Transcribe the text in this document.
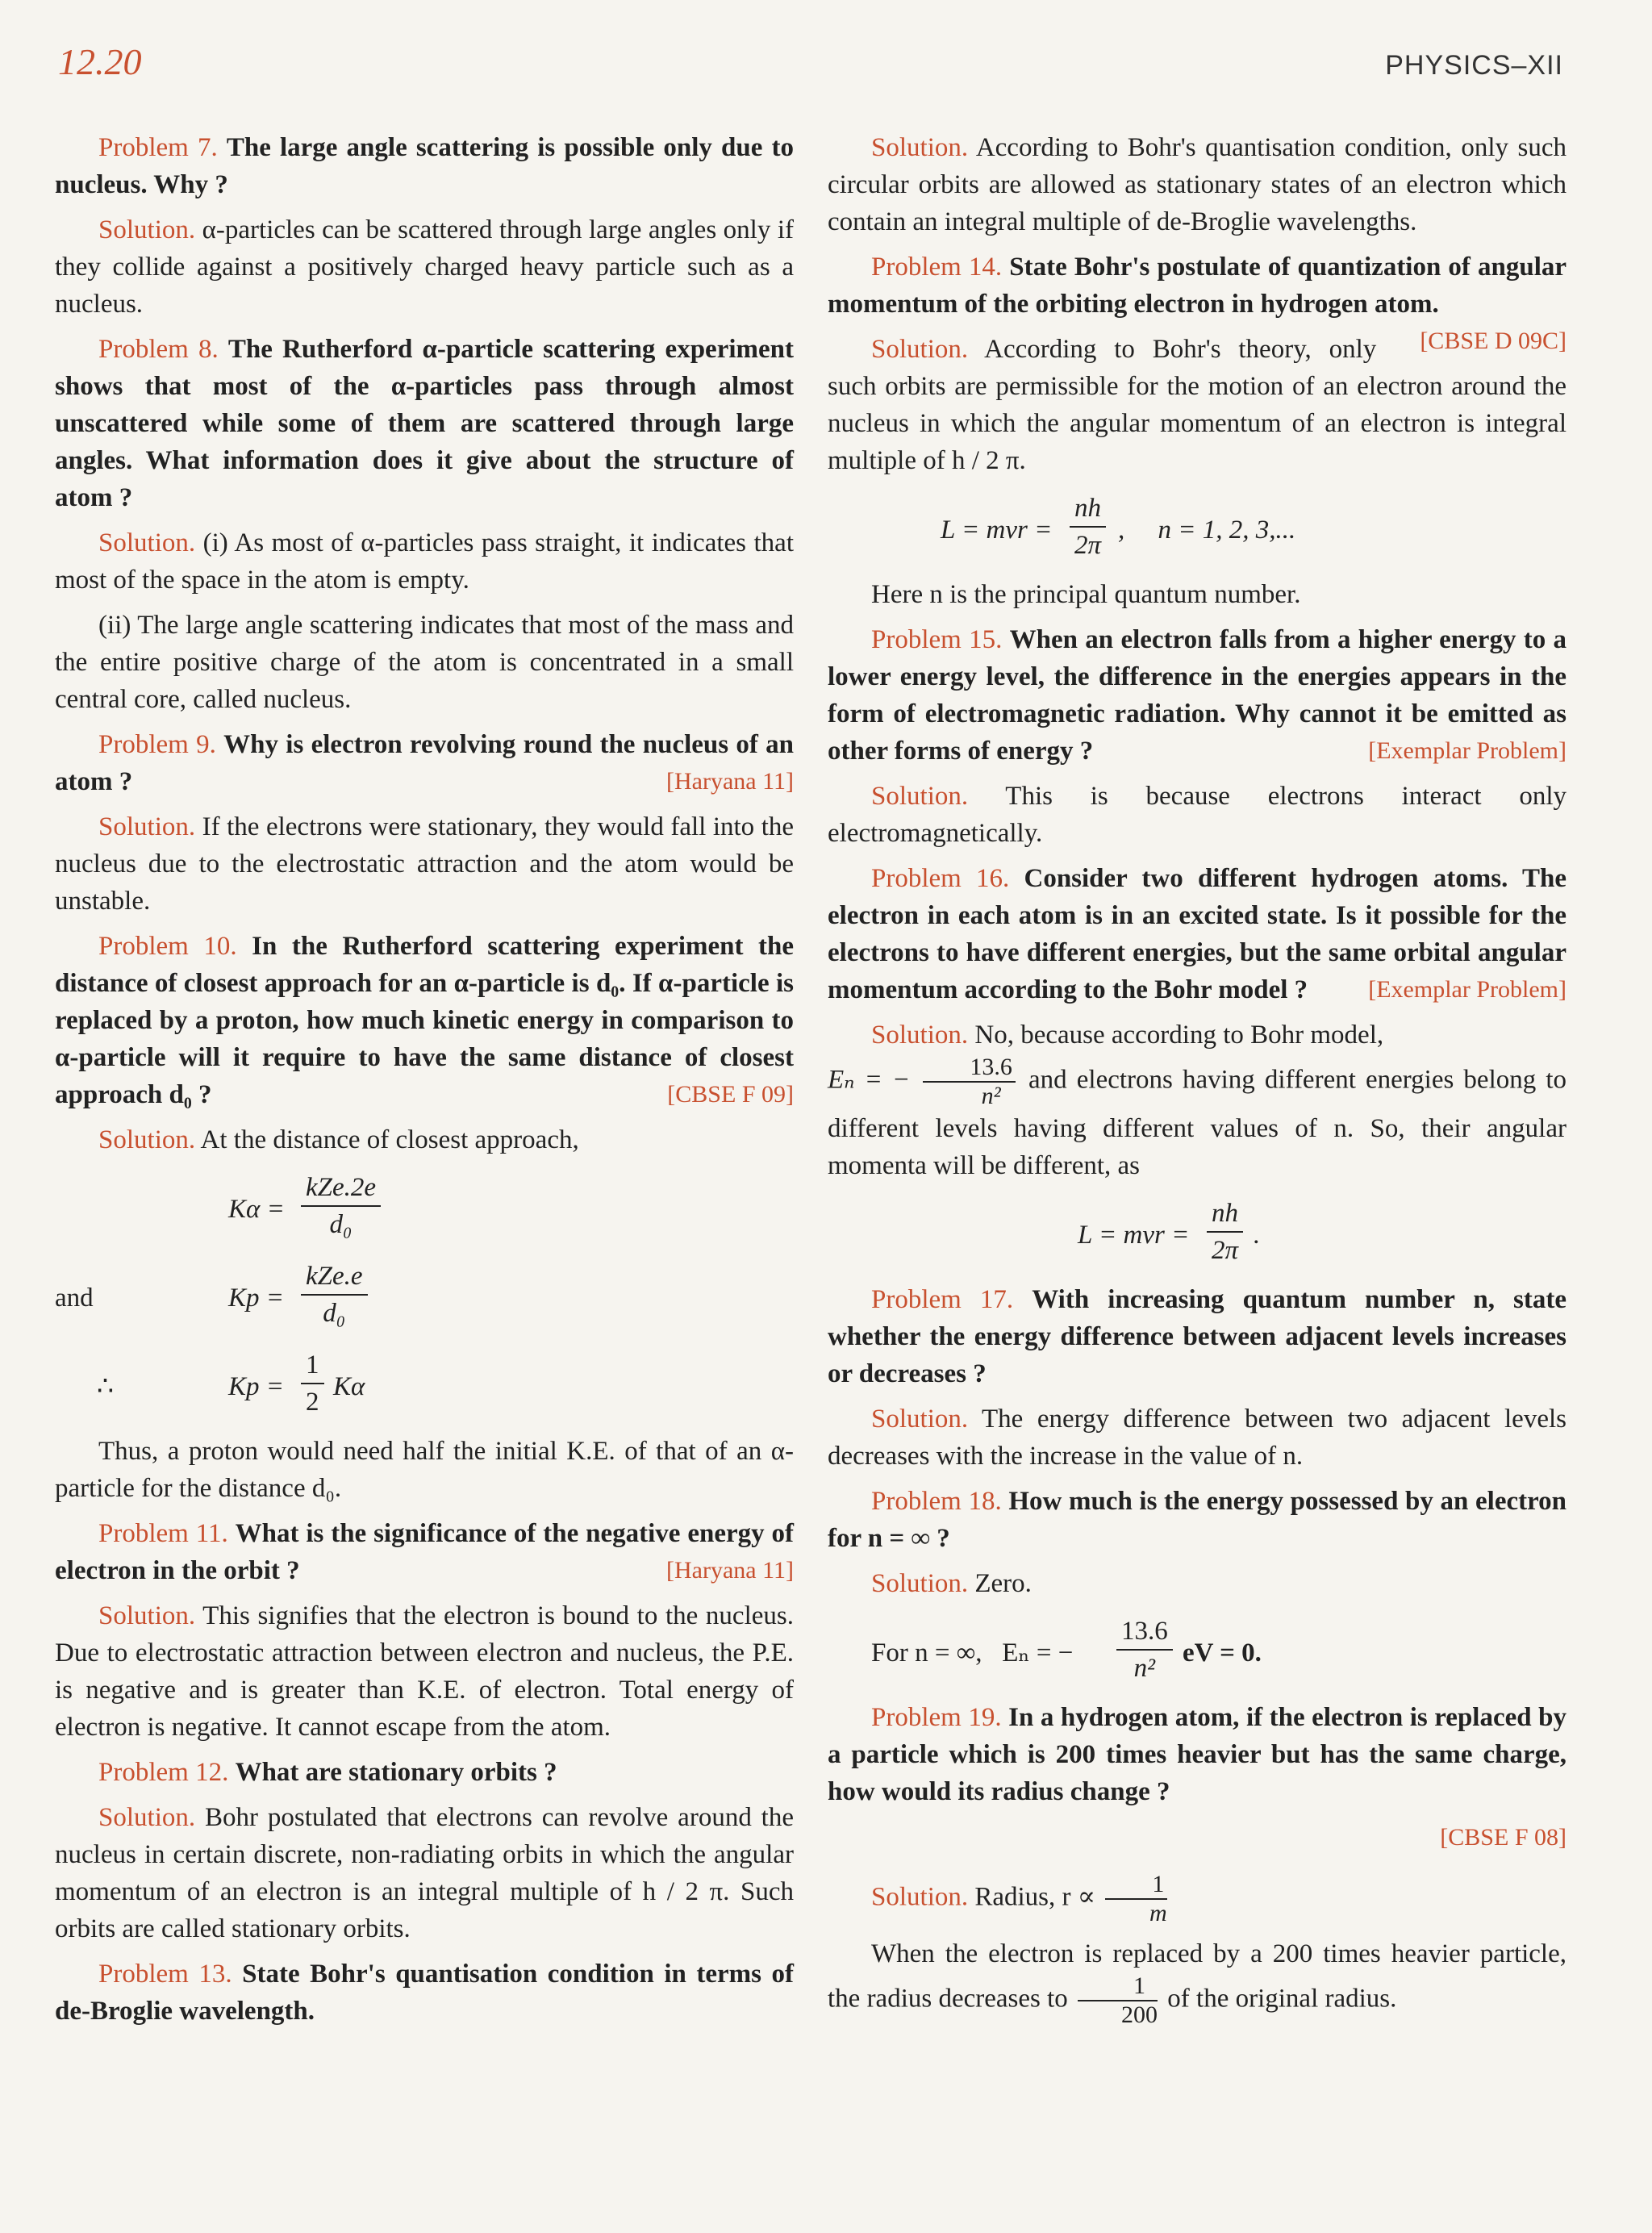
12.20	PHYSICS–XII

Problem 7. The large angle scattering is possible only due to nucleus. Why ?

Solution. α-particles can be scattered through large angles only if they collide against a positively charged heavy particle such as a nucleus.

Problem 8. The Rutherford α-particle scattering experiment shows that most of the α-particles pass through almost unscattered while some of them are scattered through large angles. What information does it give about the structure of atom ?

Solution. (i) As most of α-particles pass straight, it indicates that most of the space in the atom is empty.

(ii) The large angle scattering indicates that most of the mass and the entire positive charge of the atom is concentrated in a small central core, called nucleus.

Problem 9. Why is electron revolving round the nucleus of an atom ?	[Haryana 11]

Solution. If the electrons were stationary, they would fall into the nucleus due to the electrostatic attraction and the atom would be unstable.

Problem 10. In the Rutherford scattering experiment the distance of closest approach for an α-particle is d₀. If α-particle is replaced by a proton, how much kinetic energy in comparison to α-particle will it require to have the same distance of closest approach d₀ ?	[CBSE F 09]

Solution. At the distance of closest approach,

Kα =
kZe.2e
d₀
and	Kp =
kZe.e
d₀
∴	$Kp = \frac{1}{2}$ Kα

Thus, a proton would need half the initial K.E. of that of an α-particle for the distance d₀.

Problem 11. What is the significance of the negative energy of electron in the orbit ?	[Haryana 11]

Solution. This signifies that the electron is bound to the nucleus. Due to electrostatic attraction between electron and nucleus, the P.E. is negative and is greater than K.E. of electron. Total energy of electron is negative. It cannot escape from the atom.

Problem 12. What are stationary orbits ?

Solution. Bohr postulated that electrons can revolve around the nucleus in certain discrete, non-radiating orbits in which the angular momentum of an electron is an integral multiple of h / 2 π. Such orbits are called stationary orbits.

Problem 13. State Bohr's quantisation condition in terms of de-Broglie wavelength.

Solution. According to Bohr's quantisation condition, only such circular orbits are allowed as stationary states of an electron which contain an integral multiple of de-Broglie wavelengths.

Problem 14. State Bohr's postulate of quantization of angular momentum of the orbiting electron in hydrogen atom.
[CBSE D 09C]

Solution. According to Bohr's theory, only such orbits are permissible for the motion of an electron around the nucleus in which the angular momentum of an electron is integral multiple of h / 2 π.

L = mvr = $\frac{nh}{2\pi}$ ,     n = 1, 2, 3,...

Here n is the principal quantum number.

Problem 15. When an electron falls from a higher energy to a lower energy level, the difference in the energies appears in the form of electromagnetic radiation. Why cannot it be emitted as other forms of energy ?	[Exemplar Problem]

Solution. This is because electrons interact only electromagnetically.

Problem 16. Consider two different hydrogen atoms. The electron in each atom is in an excited state. Is it possible for the electrons to have different energies, but the same orbital angular momentum according to the Bohr model ?	[Exemplar Problem]

Solution. No, because according to Bohr model,
Eₙ = − $\frac{13.6}{\text{n²}}$ and electrons having different energies belong to different levels having different values of n. So, their angular momenta will be different, as

L = mvr = $\frac{nh}{2\pi}$ .

Problem 17. With increasing quantum number n, state whether the energy difference between adjacent levels increases or decreases ?

Solution. The energy difference between two adjacent levels decreases with the increase in the value of n.

Problem 18. How much is the energy possessed by an electron for n = ∞ ?

Solution. Zero.

For n = ∞,   Eₙ = − $\frac{13.6}{\text{n²}}$ eV = 0.

Problem 19. In a hydrogen atom, if the electron is replaced by a particle which is 200 times heavier but has the same charge, how would its radius change ?

[CBSE F 08]

Solution. Radius, $r \propto \frac{1}{m}$

When the electron is replaced by a 200 times heavier particle, the radius decreases to $\frac{1}{200}$ of the original radius.
